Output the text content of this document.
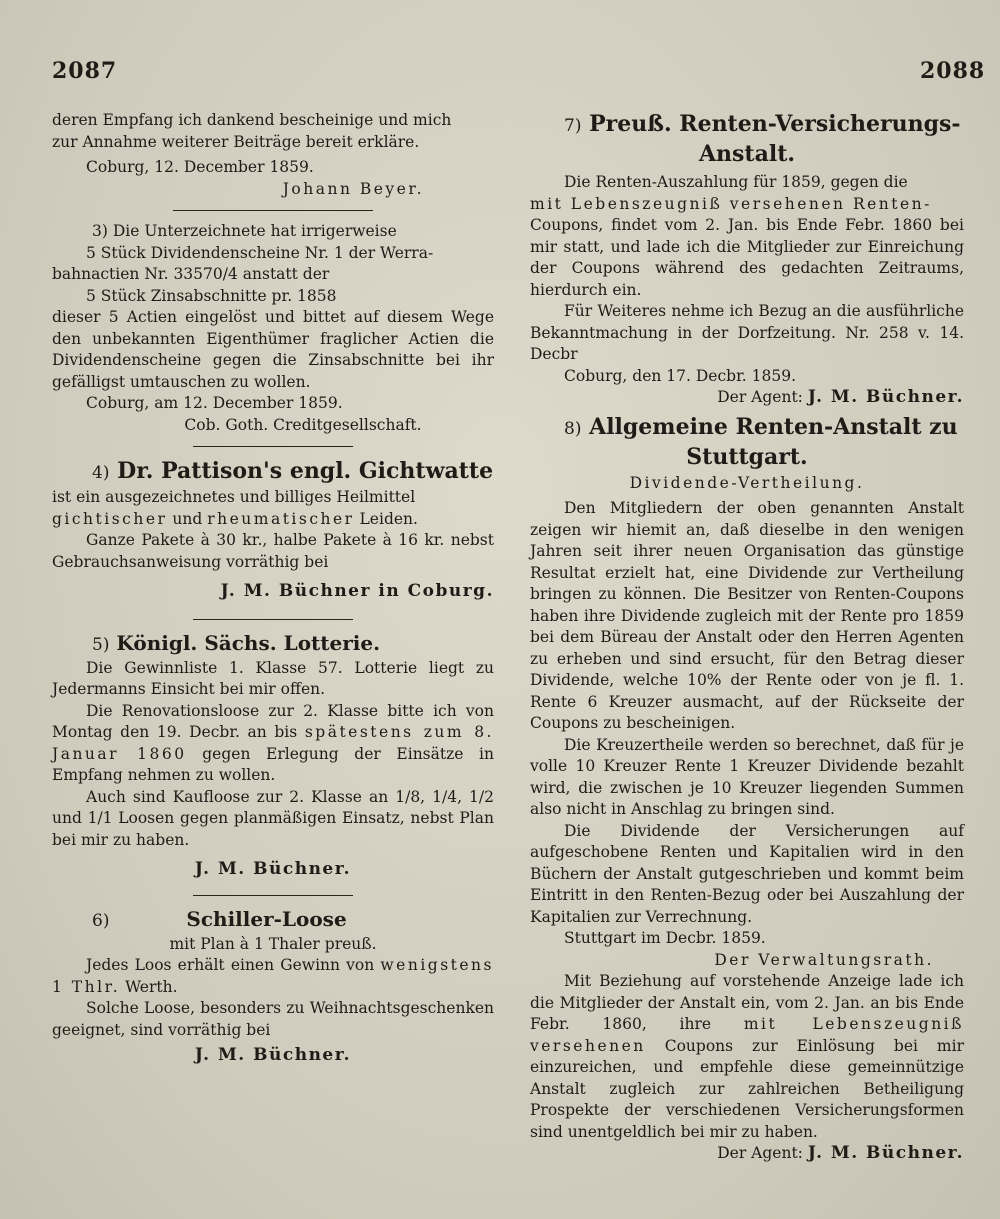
2087	2088

deren Empfang ich dankend bescheinige und mich

zur Annahme weiterer Beiträge bereit erkläre.

Coburg, 12. December 1859.

Johann Beyer.

3) Die Unterzeichnete hat irrigerweise

5 Stück Dividendenscheine Nr. 1 der Werra-

bahnactien Nr. 33570/4 anstatt der

5 Stück Zinsabschnitte pr. 1858

dieser 5 Actien eingelöst und bittet auf diesem Wege den unbekannten Eigenthümer fraglicher Actien die Dividendenscheine gegen die Zinsabschnitte bei ihr gefälligst umtauschen zu wollen.

Coburg, am 12. December 1859.

Cob. Goth. Creditgesellschaft.

4) Dr. Pattison's engl. Gichtwatte

ist ein ausgezeichnetes und billiges Heilmittel

gichtischer und rheumatischer Leiden.

Ganze Pakete à 30 kr., halbe Pakete à 16 kr. nebst Gebrauchsanweisung vorräthig bei

J. M. Büchner in Coburg.

5) Königl. Sächs. Lotterie.

Die Gewinnliste 1. Klasse 57. Lotterie liegt zu Jedermanns Einsicht bei mir offen.

Die Renovationsloose zur 2. Klasse bitte ich von Montag den 19. Decbr. an bis spätestens zum 8. Januar 1860 gegen Erlegung der Einsätze in Empfang nehmen zu wollen.

Auch sind Kaufloose zur 2. Klasse an 1/8, 1/4, 1/2 und 1/1 Loosen gegen planmäßigen Einsatz, nebst Plan bei mir zu haben.

J. M. Büchner.

6)	Schiller-Loose

mit Plan à 1 Thaler preuß.

Jedes Loos erhält einen Gewinn von wenigstens 1 Thlr. Werth.

Solche Loose, besonders zu Weihnachtsgeschenken geeignet, sind vorräthig bei

J. M. Büchner.

7) Preuß. Renten-Versicherungs-

Anstalt.

Die Renten-Auszahlung für 1859, gegen die

mit Lebenszeugniß versehenen Renten-

Coupons, findet vom 2. Jan. bis Ende Febr. 1860 bei mir statt, und lade ich die Mitglieder zur Einreichung der Coupons während des gedachten Zeitraums, hierdurch ein.

Für Weiteres nehme ich Bezug an die ausführliche Bekanntmachung in der Dorfzeitung. Nr. 258 v. 14. Decbr

Coburg, den 17. Decbr. 1859.

Der Agent: J. M. Büchner.

8) Allgemeine Renten-Anstalt zu

Stuttgart.

Dividende-Vertheilung.

Den Mitgliedern der oben genannten Anstalt zeigen wir hiemit an, daß dieselbe in den wenigen Jahren seit ihrer neuen Organisation das günstige Resultat erzielt hat, eine Dividende zur Vertheilung bringen zu können. Die Besitzer von Renten-Coupons haben ihre Dividende zugleich mit der Rente pro 1859 bei dem Büreau der Anstalt oder den Herren Agenten zu erheben und sind ersucht, für den Betrag dieser Dividende, welche 10% der Rente oder von je fl. 1. Rente 6 Kreuzer ausmacht, auf der Rückseite der Coupons zu bescheinigen.

Die Kreuzertheile werden so berechnet, daß für je volle 10 Kreuzer Rente 1 Kreuzer Dividende bezahlt wird, die zwischen je 10 Kreuzer liegenden Summen also nicht in Anschlag zu bringen sind.

Die Dividende der Versicherungen auf aufgeschobene Renten und Kapitalien wird in den Büchern der Anstalt gutgeschrieben und kommt beim Eintritt in den Renten-Bezug oder bei Auszahlung der Kapitalien zur Verrechnung.

Stuttgart im Decbr. 1859.

Der Verwaltungsrath.

Mit Beziehung auf vorstehende Anzeige lade ich die Mitglieder der Anstalt ein, vom 2. Jan. an bis Ende Febr. 1860, ihre mit Lebenszeugniß versehenen Coupons zur Einlösung bei mir einzureichen, und empfehle diese gemeinnützige Anstalt zugleich zur zahlreichen Betheiligung Prospekte der verschiedenen Versicherungsformen sind unentgeldlich bei mir zu haben.

Der Agent: J. M. Büchner.
